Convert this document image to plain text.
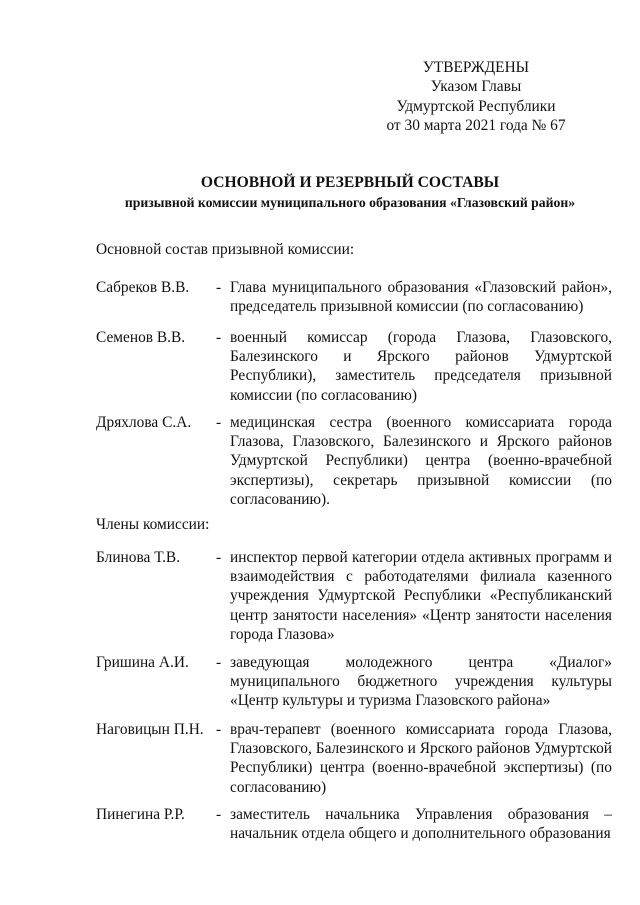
УТВЕРЖДЕНЫ
Указом Главы
Удмуртской Республики
от 30 марта 2021 года № 67
ОСНОВНОЙ И РЕЗЕРВНЫЙ СОСТАВЫ
призывной комиссии муниципального образования «Глазовский район»
Основной состав призывной комиссии:
Сабреков В.В. - Глава муниципального образования «Глазовский район», председатель призывной комиссии (по согласованию)
Семенов В.В. - военный комиссар (города Глазова, Глазовского, Балезинского и Ярского районов Удмуртской Республики), заместитель председателя призывной комиссии (по согласованию)
Дряхлова С.А. - медицинская сестра (военного комиссариата города Глазова, Глазовского, Балезинского и Ярского районов Удмуртской Республики) центра (военно-врачебной экспертизы), секретарь призывной комиссии (по согласованию).
Члены комиссии:
Блинова Т.В. - инспектор первой категории отдела активных программ и взаимодействия с работодателями филиала казенного учреждения Удмуртской Республики «Республиканский центр занятости населения» «Центр занятости населения города Глазова»
Гришина А.И. - заведующая молодежного центра «Диалог» муниципального бюджетного учреждения культуры «Центр культуры и туризма Глазовского района»
Наговицын П.Н. - врач-терапевт (военного комиссариата города Глазова, Глазовского, Балезинского и Ярского районов Удмуртской Республики) центра (военно-врачебной экспертизы) (по согласованию)
Пинегина Р.Р. - заместитель начальника Управления образования – начальник отдела общего и дополнительного образования
